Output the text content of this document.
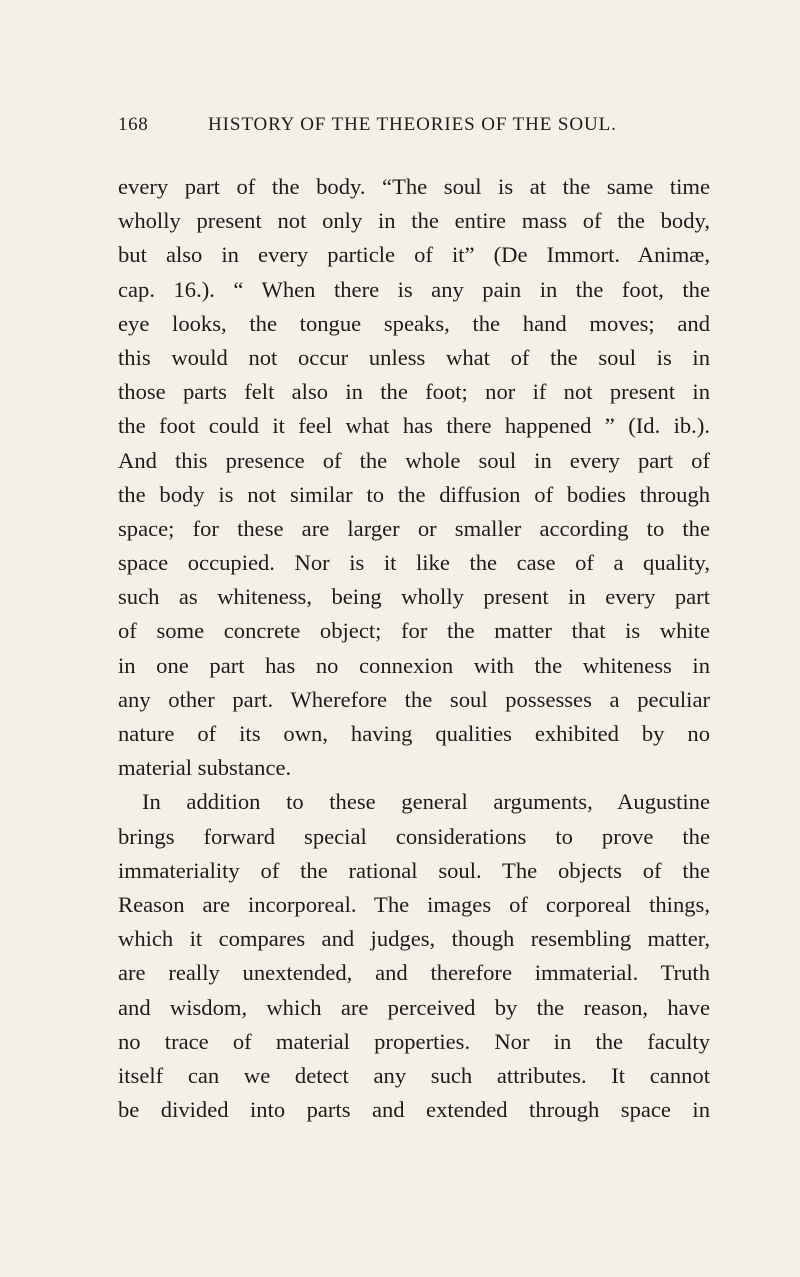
168	HISTORY OF THE THEORIES OF THE SOUL.
every part of the body. “The soul is at the same time
wholly present not only in the entire mass of the body,
but also in every particle of it” (De Immort. Animæ,
cap. 16.). “ When there is any pain in the foot, the
eye looks, the tongue speaks, the hand moves; and
this would not occur unless what of the soul is in
those parts felt also in the foot; nor if not present in
the foot could it feel what has there happened ” (Id. ib.).
And this presence of the whole soul in every part of
the body is not similar to the diffusion of bodies through
space; for these are larger or smaller according to the
space occupied. Nor is it like the case of a quality,
such as whiteness, being wholly present in every part
of some concrete object; for the matter that is white
in one part has no connexion with the whiteness in
any other part. Wherefore the soul possesses a peculiar
nature of its own, having qualities exhibited by no
material substance.
In addition to these general arguments, Augustine
brings forward special considerations to prove the
immateriality of the rational soul. The objects of the
Reason are incorporeal. The images of corporeal things,
which it compares and judges, though resembling matter,
are really unextended, and therefore immaterial. Truth
and wisdom, which are perceived by the reason, have
no trace of material properties. Nor in the faculty
itself can we detect any such attributes. It cannot
be divided into parts and extended through space in
